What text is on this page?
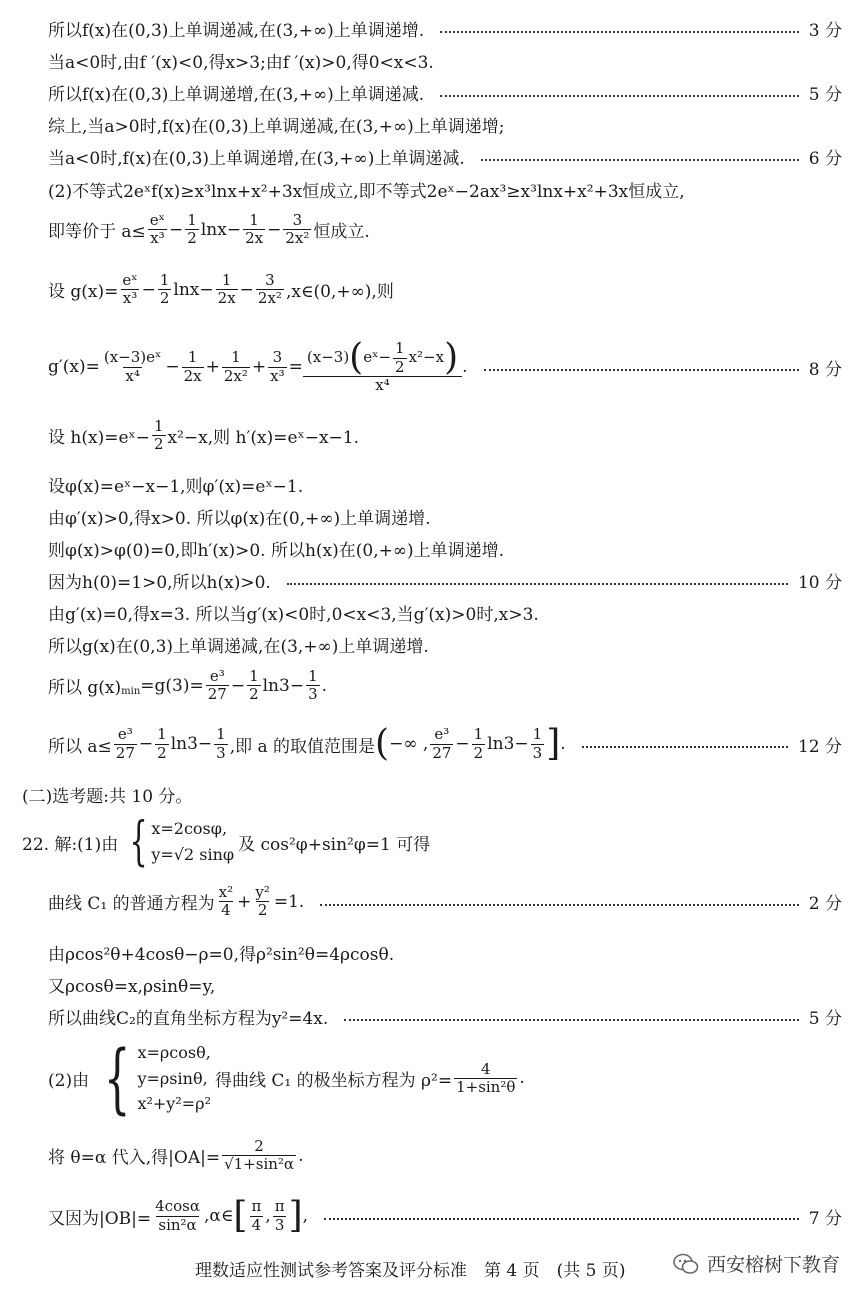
所以f(x)在(0,3)上单调递减,在(3,+∞)上单调递增.	3 分
当a<0时,由f ′(x)<0,得x>3;由f ′(x)>0,得0<x<3.
所以f(x)在(0,3)上单调递增,在(3,+∞)上单调递减.	5 分
综上,当a>0时,f(x)在(0,3)上单调递减,在(3,+∞)上单调递增;
当a<0时,f(x)在(0,3)上单调递增,在(3,+∞)上单调递减.	6 分
(2)不等式2eˣf(x)≥x³lnx+x²+3x恒成立,即不等式2eˣ−2ax³≥x³lnx+x²+3x恒成立,
即等价于 $a\le \frac{\text{eˣ}}{\text{x³}} - \frac{1}{2}$ $\ln x - \frac{1}{2x} - \frac{3}{\text{2x²}}$ 恒成立.
设 $g(x)= \frac{\text{eˣ}}{\text{x³}} - \frac{1}{2}$ $\ln x - \frac{1}{2x} - \frac{3}{\text{2x²}}$ ,x∈(0,+∞),则
$g'(x)= \frac{\text{(x−3)eˣ}}{\text{x⁴}} - \frac{1}{2x} + \frac{1}{\text{2x²}} + \frac{3}{\text{x³}} = \frac{(x-3) ( eˣ - \frac{1}{2} x^2-x )}{\text{x⁴}}$ .	8 分
设 h(x)=eˣ− $\frac{1}{2} x^2-x$,则 h′(x)=eˣ−x−1.
设φ(x)=eˣ−x−1,则φ′(x)=eˣ−1.
由φ′(x)>0,得x>0. 所以φ(x)在(0,+∞)上单调递增.
则φ(x)>φ(0)=0,即h′(x)>0. 所以h(x)在(0,+∞)上单调递增.
因为h(0)=1>0,所以h(x)>0.	10 分
由g′(x)=0,得x=3. 所以当g′(x)<0时,0<x<3,当g′(x)>0时,x>3.
所以g(x)在(0,3)上单调递减,在(3,+∞)上单调递增.
所以 $g(x)_{min} =g(3)= \frac{\text{e³}}{27} - \frac{1}{2} \ln 3 - \frac{1}{3}$ .
所以 $a\le \frac{\text{e³}}{27} - \frac{1}{2} \ln 3 - \frac{1}{3}$ ,即 a 的取值范围是 ( −∞ , $\frac{\text{e³}}{27} - \frac{1}{2} \ln 3 - \frac{1}{3}$ ] .	12 分
(二)选考题:共 10 分。
22. 解:(1)由 { x=2cosφ,
y=√2 sinφ 及 cos²φ+sin²φ=1 可得
曲线 C₁ 的普通方程为 $\frac{\text{x²}}{4} + \frac{\text{y²}}{2} =1$.	2 分
由ρcos²θ+4cosθ−ρ=0,得ρ²sin²θ=4ρcosθ.
又ρcosθ=x,ρsinθ=y,
所以曲线C₂的直角坐标方程为y²=4x.	5 分
(2)由 { x=ρcosθ,
y=ρsinθ,
x²+y²=ρ²
得曲线 C₁ 的极坐标方程为 $\rho^2= \frac{4}{\text{1+sin²θ}}$ .
将 θ=α 代入,得$|OA|= \frac{2}{\text{√1+sin²α}}$ .
又因为$|OB|= \frac{4\cos\alpha}{\text{sin²α}}$ ,α∈ [ $\frac{\pi}{4}$ , $\frac{\pi}{3}$ ] ,	7 分
理数适应性测试参考答案及评分标准　第 4 页　(共 5 页)	西安榕树下教育
